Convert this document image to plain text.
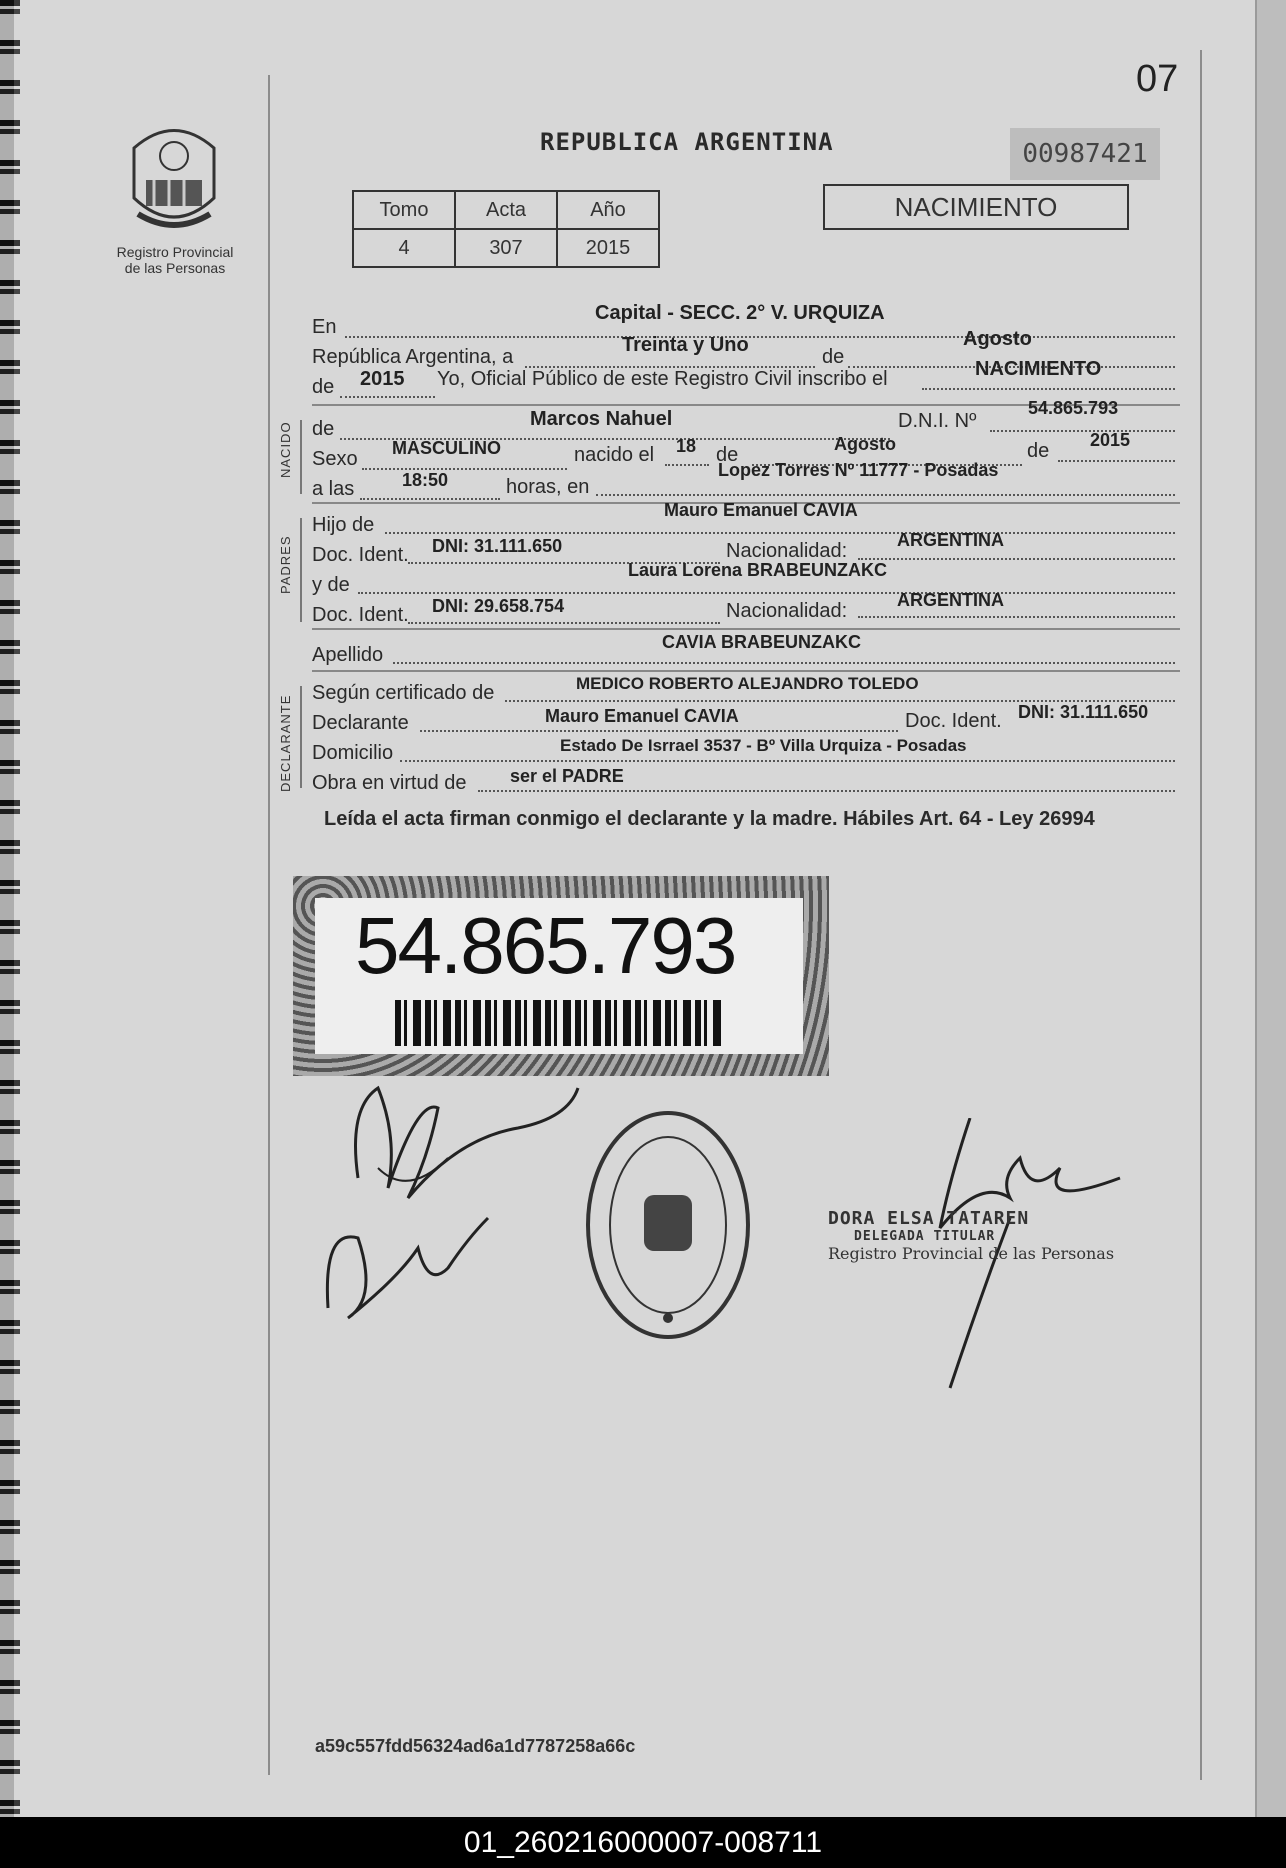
07
Registro Provincial
de las Personas
REPUBLICA ARGENTINA	00987421
Tomo	Acta	Año
4	307	2015
NACIMIENTO
En
Capital - SECC. 2° V. URQUIZA
República Argentina, a
Treinta y Uno
de
Agosto
de 2015 Yo, Oficial Público de este Registro Civil inscribo el	NACIMIENTO
NACIDO de	Marcos Nahuel	D.N.I. Nº
54.865.793
Sexo MASCULINO	nacido el 18 de	Agosto	de 2015
a las	18:50	horas, en
Lopez Torres Nº 11777 - Posadas
PADRES
Hijo de
Mauro Emanuel CAVIA
Doc. Ident. DNI: 31.111.650	Nacionalidad:	ARGENTINA
y de
Laura Lorena BRABEUNZAKC
Doc. Ident. DNI: 29.658.754	Nacionalidad:	ARGENTINA
Apellido
CAVIA BRABEUNZAKC
DECLARANTE
Según certificado de	MEDICO ROBERTO ALEJANDRO TOLEDO
Declarante	Mauro Emanuel CAVIA	Doc. Ident. DNI: 31.111.650
Domicilio	Estado De Isrrael 3537 - Bº Villa Urquiza - Posadas
Obra en virtud de ser el PADRE
Leída el acta firman conmigo el declarante y la madre. Hábiles Art. 64 - Ley 26994
54.865.793
DORA ELSA TATAREN
DELEGADA TITULAR
Registro Provincial de las Personas
a59c557fdd56324ad6a1d7787258a66c
01_260216000007-008711
